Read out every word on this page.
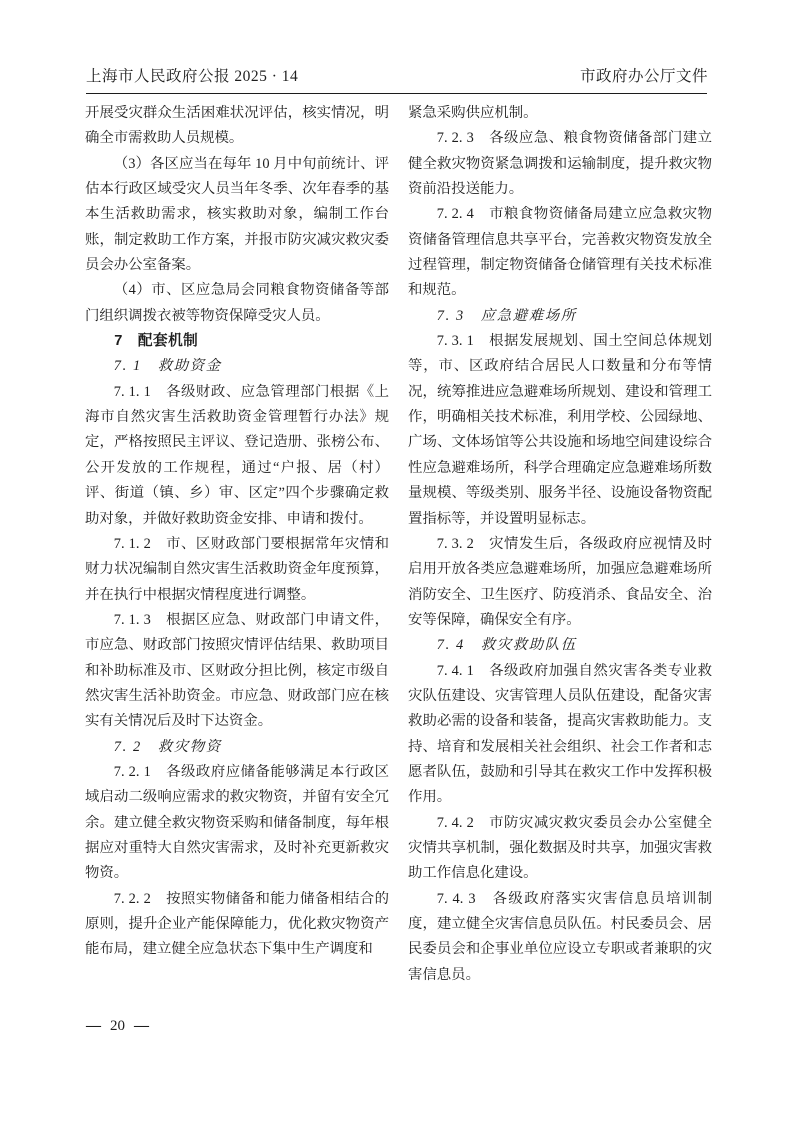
上海市人民政府公报 2025 · 14	市政府办公厅文件

开展受灾群众生活困难状况评估，核实情况，明确全市需救助人员规模。

（3）各区应当在每年 10 月中旬前统计、评估本行政区域受灾人员当年冬季、次年春季的基本生活救助需求，核实救助对象，编制工作台账，制定救助工作方案，并报市防灾减灾救灾委员会办公室备案。

（4）市、区应急局会同粮食物资储备等部门组织调拨衣被等物资保障受灾人员。

7　配套机制
7. 1　救助资金

7. 1. 1　各级财政、应急管理部门根据《上海市自然灾害生活救助资金管理暂行办法》规定，严格按照民主评议、登记造册、张榜公布、公开发放的工作规程，通过“户报、居（村）评、街道（镇、乡）审、区定”四个步骤确定救助对象，并做好救助资金安排、申请和拨付。

7. 1. 2　市、区财政部门要根据常年灾情和财力状况编制自然灾害生活救助资金年度预算，并在执行中根据灾情程度进行调整。

7. 1. 3　根据区应急、财政部门申请文件，市应急、财政部门按照灾情评估结果、救助项目和补助标准及市、区财政分担比例，核定市级自然灾害生活补助资金。市应急、财政部门应在核实有关情况后及时下达资金。

7. 2　救灾物资

7. 2. 1　各级政府应储备能够满足本行政区域启动二级响应需求的救灾物资，并留有安全冗余。建立健全救灾物资采购和储备制度，每年根据应对重特大自然灾害需求，及时补充更新救灾物资。

7. 2. 2　按照实物储备和能力储备相结合的原则，提升企业产能保障能力，优化救灾物资产能布局，建立健全应急状态下集中生产调度和

紧急采购供应机制。

7. 2. 3　各级应急、粮食物资储备部门建立健全救灾物资紧急调拨和运输制度，提升救灾物资前沿投送能力。

7. 2. 4　市粮食物资储备局建立应急救灾物资储备管理信息共享平台，完善救灾物资发放全过程管理，制定物资储备仓储管理有关技术标准和规范。

7. 3　应急避难场所

7. 3. 1　根据发展规划、国土空间总体规划等，市、区政府结合居民人口数量和分布等情况，统筹推进应急避难场所规划、建设和管理工作，明确相关技术标准，利用学校、公园绿地、广场、文体场馆等公共设施和场地空间建设综合性应急避难场所，科学合理确定应急避难场所数量规模、等级类别、服务半径、设施设备物资配置指标等，并设置明显标志。

7. 3. 2　灾情发生后，各级政府应视情及时启用开放各类应急避难场所，加强应急避难场所消防安全、卫生医疗、防疫消杀、食品安全、治安等保障，确保安全有序。

7. 4　救灾救助队伍

7. 4. 1　各级政府加强自然灾害各类专业救灾队伍建设、灾害管理人员队伍建设，配备灾害救助必需的设备和装备，提高灾害救助能力。支持、培育和发展相关社会组织、社会工作者和志愿者队伍，鼓励和引导其在救灾工作中发挥积极作用。

7. 4. 2　市防灾减灾救灾委员会办公室健全灾情共享机制，强化数据及时共享，加强灾害救助工作信息化建设。

7. 4. 3　各级政府落实灾害信息员培训制度，建立健全灾害信息员队伍。村民委员会、居民委员会和企事业单位应设立专职或者兼职的灾害信息员。

— 20 —
